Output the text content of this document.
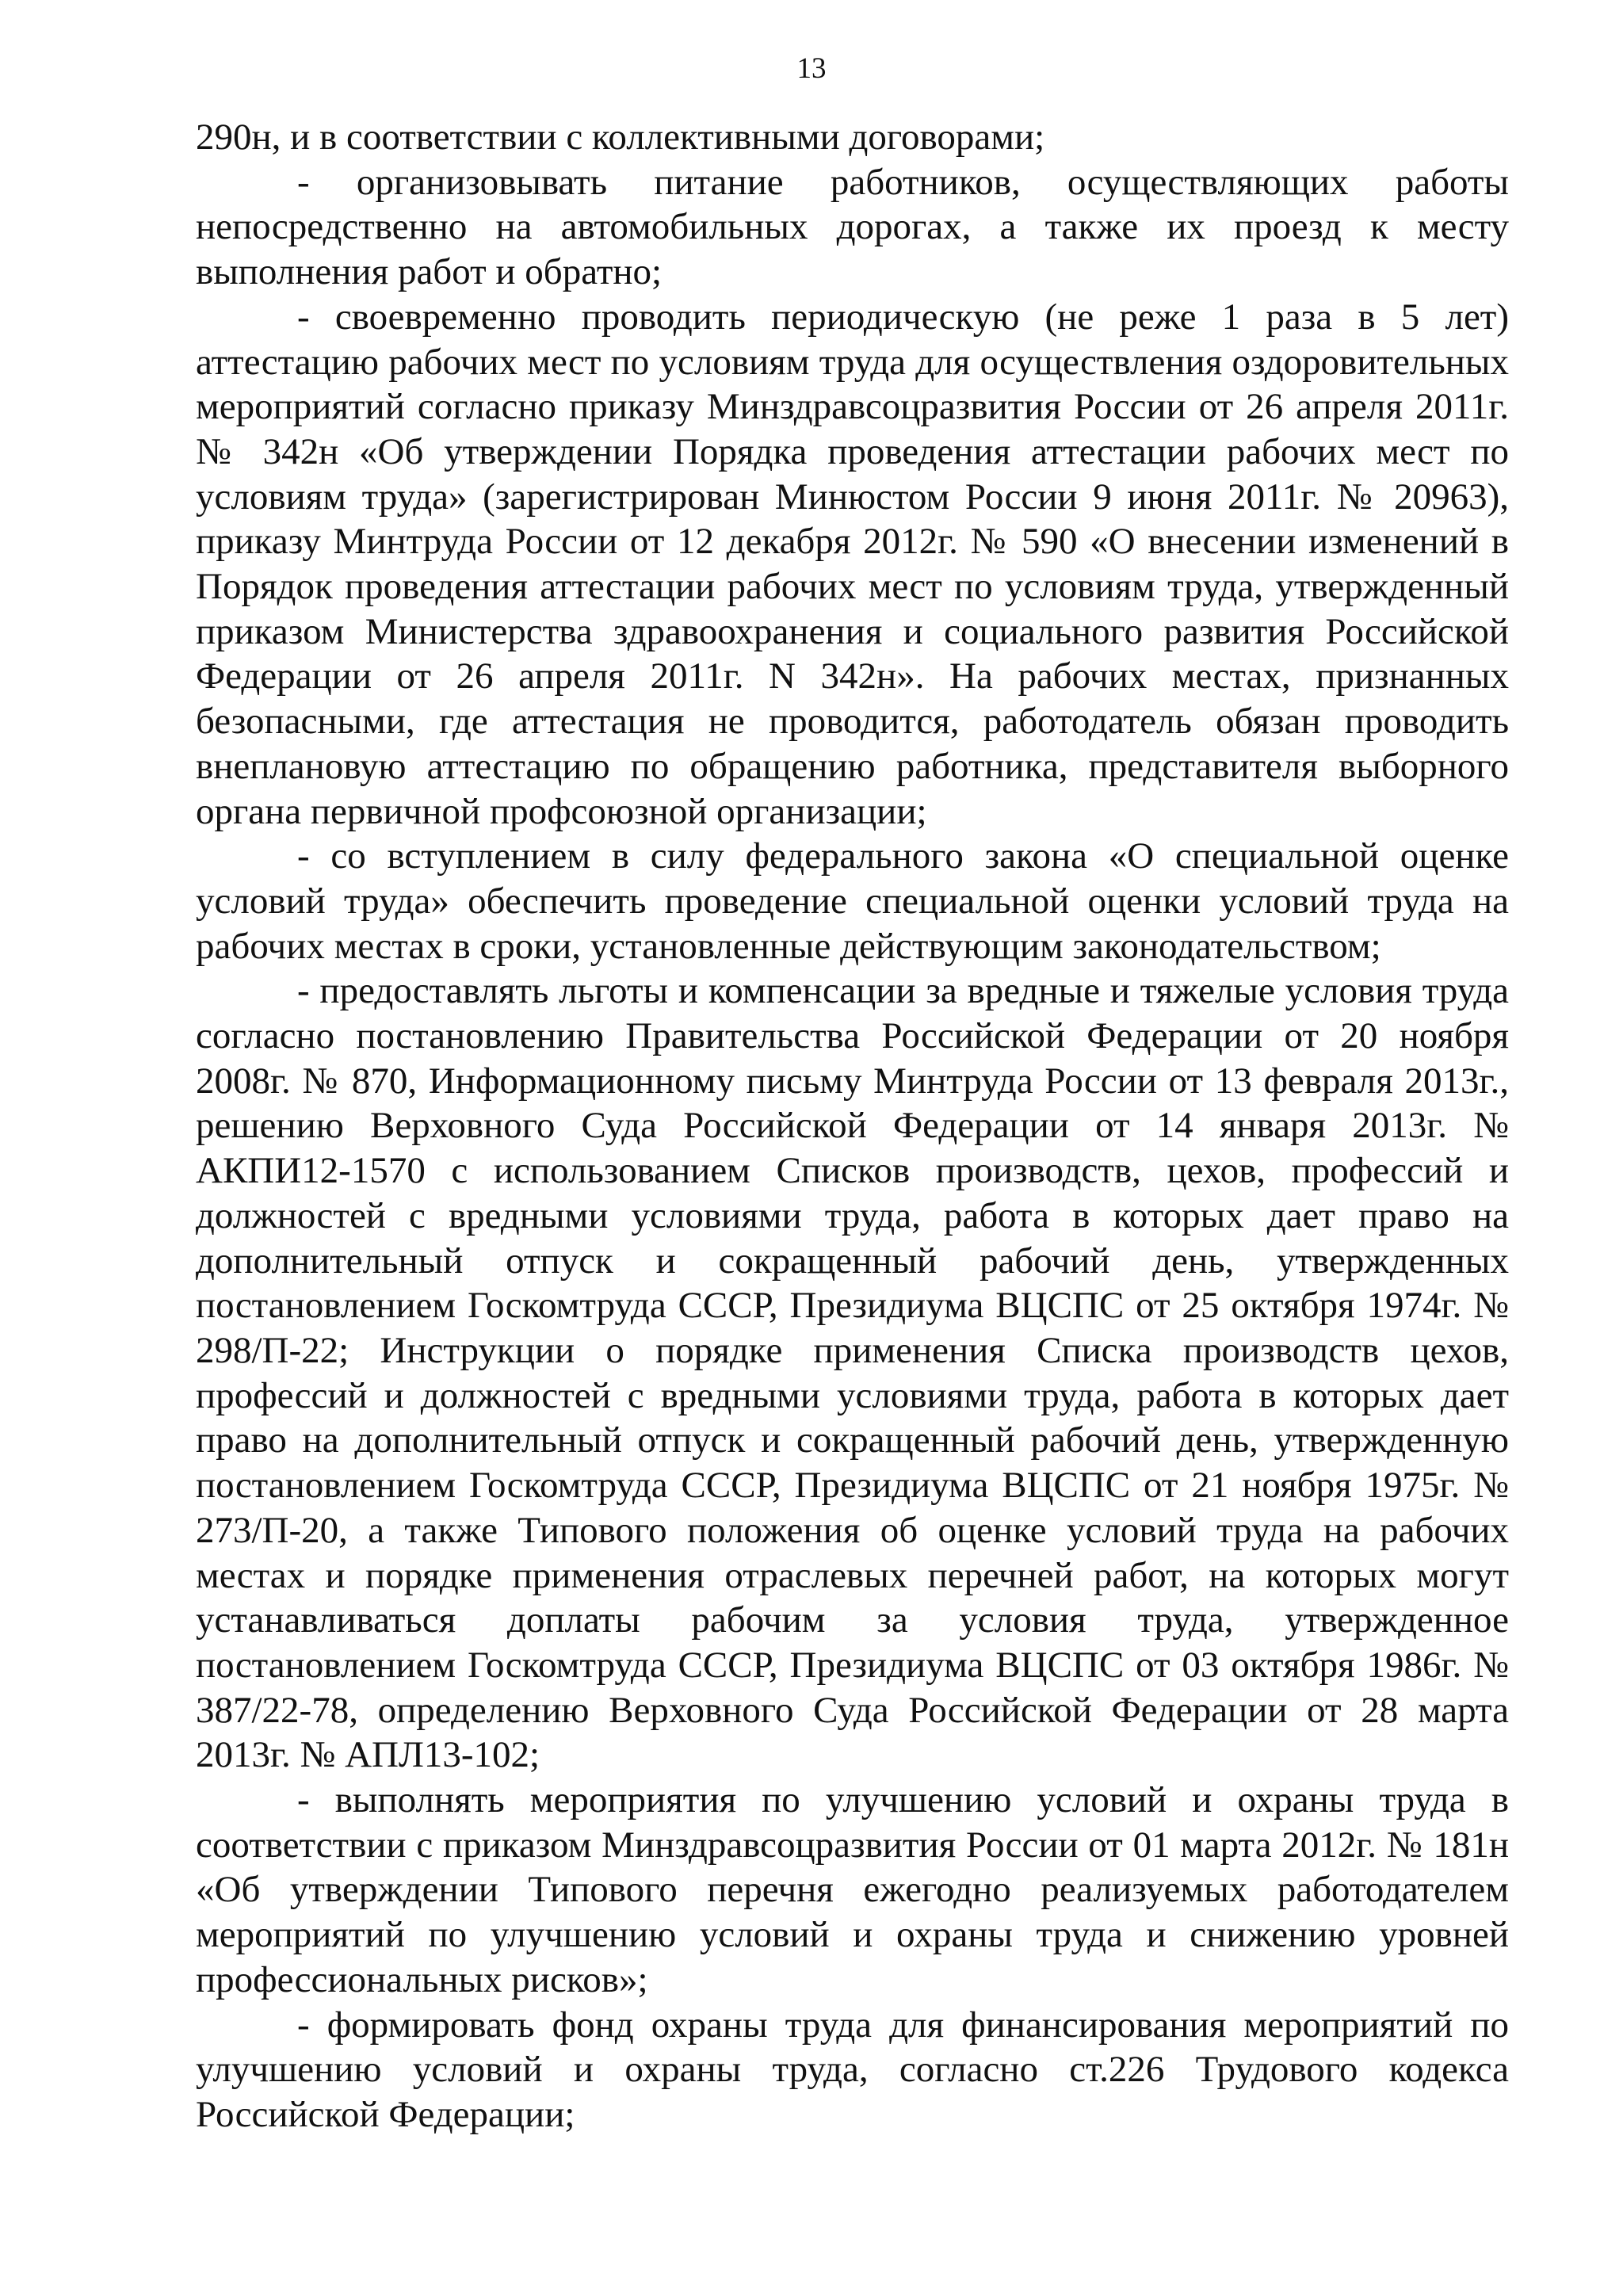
13

290н, и в соответствии с коллективными договорами;

- организовывать питание работников, осуществляющих работы непосредственно на автомобильных дорогах, а также их проезд к месту выполнения работ и обратно;

- своевременно проводить периодическую (не реже 1 раза в 5 лет) аттестацию рабочих мест по условиям труда для осуществления оздоровительных мероприятий согласно приказу Минздравсоцразвития России от 26 апреля 2011г. № 342н «Об утверждении Порядка проведения аттестации рабочих мест по условиям труда» (зарегистрирован Минюстом России 9 июня 2011г. № 20963), приказу Минтруда России от 12 декабря 2012г. № 590 «О внесении изменений в Порядок проведения аттестации рабочих мест по условиям труда, утвержденный приказом Министерства здравоохранения и социального развития Российской Федерации от 26 апреля 2011г. N 342н». На рабочих местах, признанных безопасными, где аттестация не проводится, работодатель обязан проводить внеплановую аттестацию по обращению работника, представителя выборного органа первичной профсоюзной организации;

- со вступлением в силу федерального закона «О специальной оценке условий труда» обеспечить проведение специальной оценки условий труда на рабочих местах в сроки, установленные действующим законодательством;

- предоставлять льготы и компенсации за вредные и тяжелые условия труда согласно постановлению Правительства Российской Федерации от 20 ноября 2008г. № 870, Информационному письму Минтруда России от 13 февраля 2013г., решению Верховного Суда Российской Федерации от 14 января 2013г. № АКПИ12-1570 с использованием Списков производств, цехов, профессий и должностей с вредными условиями труда, работа в которых дает право на дополнительный отпуск и сокращенный рабочий день, утвержденных постановлением Госкомтруда СССР, Президиума ВЦСПС от 25 октября 1974г. № 298/П-22; Инструкции о порядке применения Списка производств цехов, профессий и должностей с вредными условиями труда, работа в которых дает право на дополнительный отпуск и сокращенный рабочий день, утвержденную постановлением Госкомтруда СССР, Президиума ВЦСПС от 21 ноября 1975г. № 273/П-20, а также Типового положения об оценке условий труда на рабочих местах и порядке применения отраслевых перечней работ, на которых могут устанавливаться доплаты рабочим за условия труда, утвержденное постановлением Госкомтруда СССР, Президиума ВЦСПС от 03 октября 1986г. № 387/22-78, определению Верховного Суда Российской Федерации от 28 марта 2013г. № АПЛ13-102;

- выполнять мероприятия по улучшению условий и охраны труда в соответствии с приказом Минздравсоцразвития России от 01 марта 2012г. № 181н «Об утверждении Типового перечня ежегодно реализуемых работодателем мероприятий по улучшению условий и охраны труда и снижению уровней профессиональных рисков»;

- формировать фонд охраны труда для финансирования мероприятий по улучшению условий и охраны труда, согласно ст.226 Трудового кодекса Российской Федерации;
